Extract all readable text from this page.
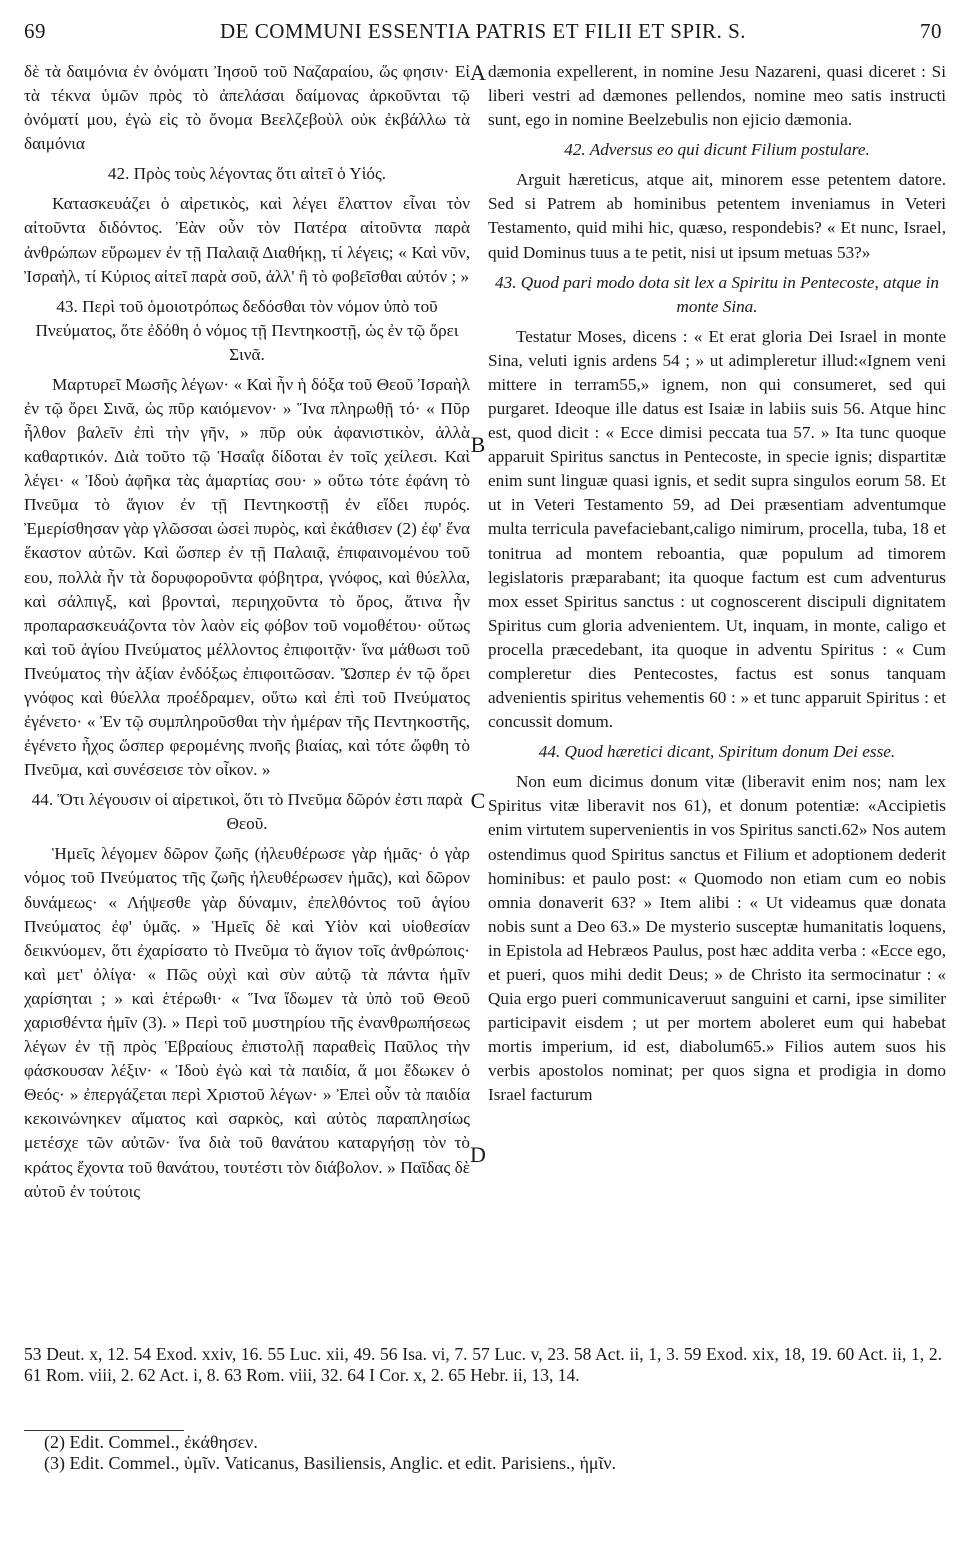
69	DE COMMUNI ESSENTIA PATRIS ET FILII ET SPIR. S.	70

δὲ τὰ δαιμόνια ἐν ὀνόματι Ἰησοῦ τοῦ Ναζαραίου, ὥς φησιν· Εἰ τὰ τέκνα ὑμῶν πρὸς τὸ ἀπελάσαι δαίμονας ἀρκοῦνται τῷ ὀνόματί μου, ἐγὼ εἰς τὸ ὄνομα Βεελζεβοὺλ οὐκ ἐκβάλλω τὰ δαιμόνια

42. Πρὸς τοὺς λέγοντας ὅτι αἰτεῖ ὁ Υἱός.

Κατασκευάζει ὁ αἱρετικὸς, καὶ λέγει ἔλαττον εἶναι τὸν αἰτοῦντα διδόντος. Ἐὰν οὖν τὸν Πατέρα αἰτοῦντα παρὰ ἀνθρώπων εὕρωμεν ἐν τῇ Παλαιᾷ Διαθήκῃ, τί λέγεις; « Καὶ νῦν, Ἰσραὴλ, τί Κύριος αἰτεῖ παρὰ σοῦ, ἀλλ' ἢ τὸ φοβεῖσθαι αὐτόν ; »

43. Περὶ τοῦ ὁμοιοτρόπως δεδόσθαι τὸν νόμον ὑπὸ τοῦ Πνεύματος, ὅτε ἐδόθη ὁ νόμος τῇ Πεντηκοστῇ, ὡς ἐν τῷ ὄρει Σινᾶ.

Μαρτυρεῖ Μωσῆς λέγων· « Καὶ ἦν ἡ δόξα τοῦ Θεοῦ Ἰσραὴλ ἐν τῷ ὄρει Σινᾶ, ὡς πῦρ καιόμενον· » Ἵνα πληρωθῇ τό· « Πῦρ ἦλθον βαλεῖν ἐπὶ τὴν γῆν, » πῦρ οὐκ ἀφανιστικὸν, ἀλλὰ καθαρτικόν. Διὰ τοῦτο τῷ Ἡσαΐᾳ δίδοται ἐν τοῖς χείλεσι. Καὶ λέγει· « Ἰδοὺ ἀφῆκα τὰς ἁμαρτίας σου· » οὕτω τότε ἐφάνη τὸ Πνεῦμα τὸ ἅγιον ἐν τῇ Πεντηκοστῇ ἐν εἴδει πυρός. Ἐμερίσθησαν γὰρ γλῶσσαι ὡσεὶ πυρὸς, καὶ ἐκάθισεν (2) ἐφ' ἕνα ἕκαστον αὐτῶν. Καὶ ὥσπερ ἐν τῇ Παλαιᾷ, ἐπιφαινομένου τοῦ εου, πολλὰ ἦν τὰ δορυφοροῦντα φόβητρα, γνόφος, καὶ θύελλα, καὶ σάλπιγξ, καὶ βρονταὶ, περιηχοῦντα τὸ ὄρος, ἅτινα ἦν προπαρασκευάζοντα τὸν λαὸν εἰς φόβον τοῦ νομοθέτου· οὕτως καὶ τοῦ ἁγίου Πνεύματος μέλλοντος ἐπιφοιτᾷν· ἵνα μάθωσι τοῦ Πνεύματος τὴν ἀξίαν ἐνδόξως ἐπιφοιτῶσαν. Ὥσπερ ἐν τῷ ὄρει γνόφος καὶ θύελλα προέδραμεν, οὕτω καὶ ἐπὶ τοῦ Πνεύματος ἐγένετο· « Ἐν τῷ συμπληροῦσθαι τὴν ἡμέραν τῆς Πεντηκοστῆς, ἐγένετο ἦχος ὥσπερ φερομένης πνοῆς βιαίας, καὶ τότε ὤφθη τὸ Πνεῦμα, καὶ συνέσεισε τὸν οἶκον. »

44. Ὅτι λέγουσιν οἱ αἱρετικοὶ, ὅτι τὸ Πνεῦμα δῶρόν ἐστι παρὰ Θεοῦ.

Ἡμεῖς λέγομεν δῶρον ζωῆς (ἠλευθέρωσε γὰρ ἡμᾶς· ὁ γὰρ νόμος τοῦ Πνεύματος τῆς ζωῆς ἠλευθέρωσεν ἡμᾶς), καὶ δῶρον δυνάμεως· « Λήψεσθε γὰρ δύναμιν, ἐπελθόντος τοῦ ἁγίου Πνεύματος ἐφ' ὑμᾶς. » Ἡμεῖς δὲ καὶ Υἱὸν καὶ υἱοθεσίαν δεικνύομεν, ὅτι ἐχαρίσατο τὸ Πνεῦμα τὸ ἅγιον τοῖς ἀνθρώποις· καὶ μετ' ὀλίγα· « Πῶς οὐχὶ καὶ σὺν αὐτῷ τὰ πάντα ἡμῖν χαρίσηται ; » καὶ ἑτέρωθι· « Ἵνα ἴδωμεν τὰ ὑπὸ τοῦ Θεοῦ χαρισθέντα ἡμῖν (3). » Περὶ τοῦ μυστηρίου τῆς ἐνανθρωπήσεως λέγων ἐν τῇ πρὸς Ἑβραίους ἐπιστολῇ παραθεὶς Παῦλος τὴν φάσκουσαν λέξιν· « Ἰδοὺ ἐγὼ καὶ τὰ παιδία, ἅ μοι ἔδωκεν ὁ Θεός· » ἐπεργάζεται περὶ Χριστοῦ λέγων· » Ἐπεὶ οὖν τὰ παιδία κεκοινώνηκεν αἵματος καὶ σαρκὸς, καὶ αὐτὸς παραπλησίως μετέσχε τῶν αὐτῶν· ἵνα διὰ τοῦ θανάτου καταργήσῃ τὸν τὸ κράτος ἔχοντα τοῦ θανάτου, τουτέστι τὸν διάβολον. » Παῖδας δὲ αὐτοῦ ἐν τούτοις

A
B
C
D

dæmonia expellerent, in nomine Jesu Nazareni, quasi diceret : Si liberi vestri ad dæmones pellendos, nomine meo satis instructi sunt, ego in nomine Beelzebulis non ejicio dæmonia.

42. Adversus eo qui dicunt Filium postulare.

Arguit hæreticus, atque ait, minorem esse petentem datore. Sed si Patrem ab hominibus petentem inveniamus in Veteri Testamento, quid mihi hic, quæso, respondebis? « Et nunc, Israel, quid Dominus tuus a te petit, nisi ut ipsum metuas 53?»

43. Quod pari modo dota sit lex a Spiritu in Pentecoste, atque in monte Sina.

Testatur Moses, dicens : « Et erat gloria Dei Israel in monte Sina, veluti ignis ardens 54 ; » ut adimpleretur illud:«Ignem veni mittere in terram55,» ignem, non qui consumeret, sed qui purgaret. Ideoque ille datus est Isaiæ in labiis suis 56. Atque hinc est, quod dicit : « Ecce dimisi peccata tua 57. » Ita tunc quoque apparuit Spiritus sanctus in Pentecoste, in specie ignis; dispartitæ enim sunt linguæ quasi ignis, et sedit supra singulos eorum 58. Et ut in Veteri Testamento 59, ad Dei præsentiam adventumque multa terricula pavefaciebant,caligo nimirum, procella, tuba, 18 et tonitrua ad montem reboantia, quæ populum ad timorem legislatoris præparabant; ita quoque factum est cum adventurus mox esset Spiritus sanctus : ut cognoscerent discipuli dignitatem Spiritus cum gloria advenientem. Ut, inquam, in monte, caligo et procella præcedebant, ita quoque in adventu Spiritus : « Cum compleretur dies Pentecostes, factus est sonus tanquam advenientis spiritus vehementis 60 : » et tunc apparuit Spiritus : et concussit domum.

44. Quod hæretici dicant, Spiritum donum Dei esse.

Non eum dicimus donum vitæ (liberavit enim nos; nam lex Spiritus vitæ liberavit nos 61), et donum potentiæ: «Accipietis enim virtutem supervenientis in vos Spiritus sancti.62» Nos autem ostendimus quod Spiritus sanctus et Filium et adoptionem dederit hominibus: et paulo post: « Quomodo non etiam cum eo nobis omnia donaverit 63? » Item alibi : « Ut videamus quæ donata nobis sunt a Deo 63.» De mysterio susceptæ humanitatis loquens, in Epistola ad Hebræos Paulus, post hæc addita verba : «Ecce ego, et pueri, quos mihi dedit Deus; » de Christo ita sermocinatur : « Quia ergo pueri communicaveruut sanguini et carni, ipse similiter participavit eisdem ; ut per mortem aboleret eum qui habebat mortis imperium, id est, diabolum65.» Filios autem suos his verbis apostolos nominat; per quos signa et prodigia in domo Israel facturum

53 Deut. x, 12. 54 Exod. xxiv, 16. 55 Luc. xii, 49. 56 Isa. vi, 7. 57 Luc. v, 23. 58 Act. ii, 1, 3. 59 Exod. xix, 18, 19. 60 Act. ii, 1, 2. 61 Rom. viii, 2. 62 Act. i, 8. 63 Rom. viii, 32. 64 I Cor. x, 2. 65 Hebr. ii, 13, 14.
(2) Edit. Commel., ἐκάθησεν.
(3) Edit. Commel., ὑμῖν. Vaticanus, Basiliensis, Anglic. et edit. Parisiens., ἡμῖν.
